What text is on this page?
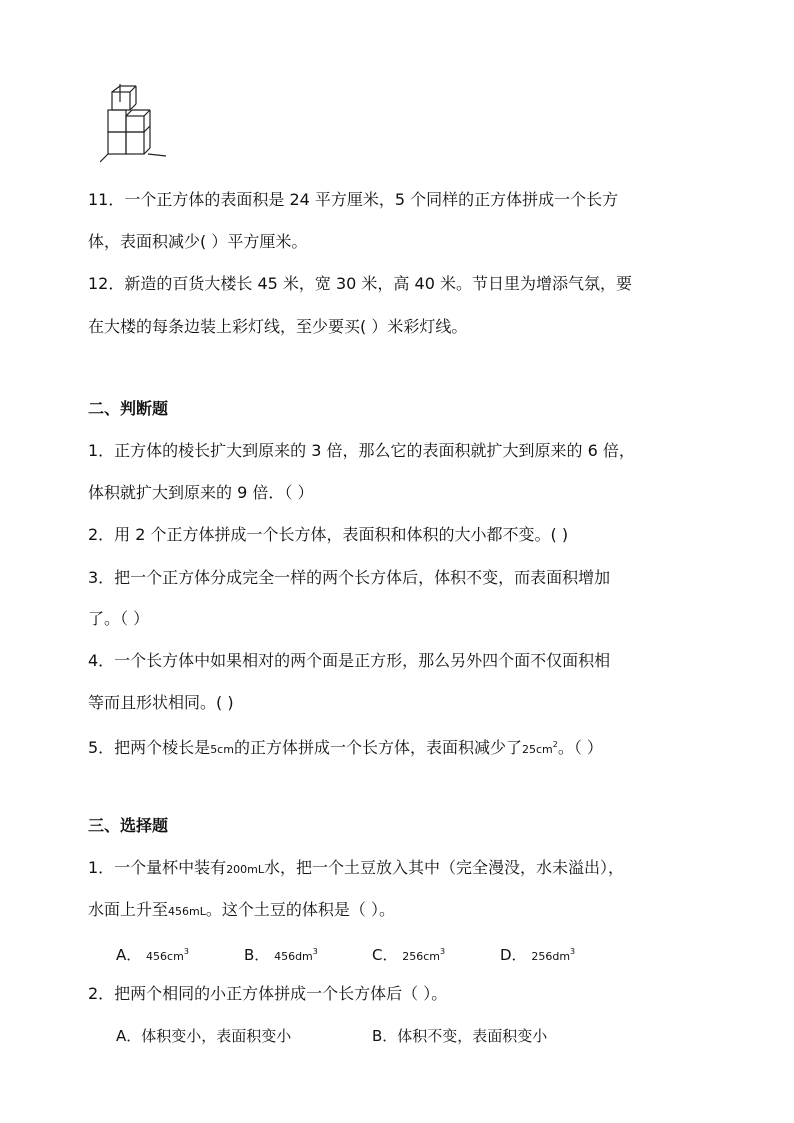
11．一个正方体的表面积是 24 平方厘米，5 个同样的正方体拼成一个长方
体，表面积减少( ）平方厘米。
12．新造的百货大楼长 45 米，宽 30 米，高 40 米。节日里为增添气氛，要
在大楼的每条边装上彩灯线，至少要买( ）米彩灯线。
二、判断题
1．正方体的棱长扩大到原来的 3 倍，那么它的表面积就扩大到原来的 6 倍，
体积就扩大到原来的 9 倍．（ ）
2．用 2 个正方体拼成一个长方体，表面积和体积的大小都不变。( )
3．把一个正方体分成完全一样的两个长方体后，体积不变，而表面积增加
了。（ ）
4．一个长方体中如果相对的两个面是正方形，那么另外四个面不仅面积相
等而且形状相同。( )
5．把两个棱长是5cm的正方体拼成一个长方体，表面积减少了$25cm^2$。（ ）
三、选择题
1．一个量杯中装有200mL水，把一个土豆放入其中（完全漫没，水未溢出），
水面上升至456mL。这个土豆的体积是（ ）。
A． $456cm^3$	B． $456dm^3$	C． $256cm^3$	D． $256dm^3$
2．把两个相同的小正方体拼成一个长方体后（ ）。
A．体积变小，表面积变小	B．体积不变，表面积变小
